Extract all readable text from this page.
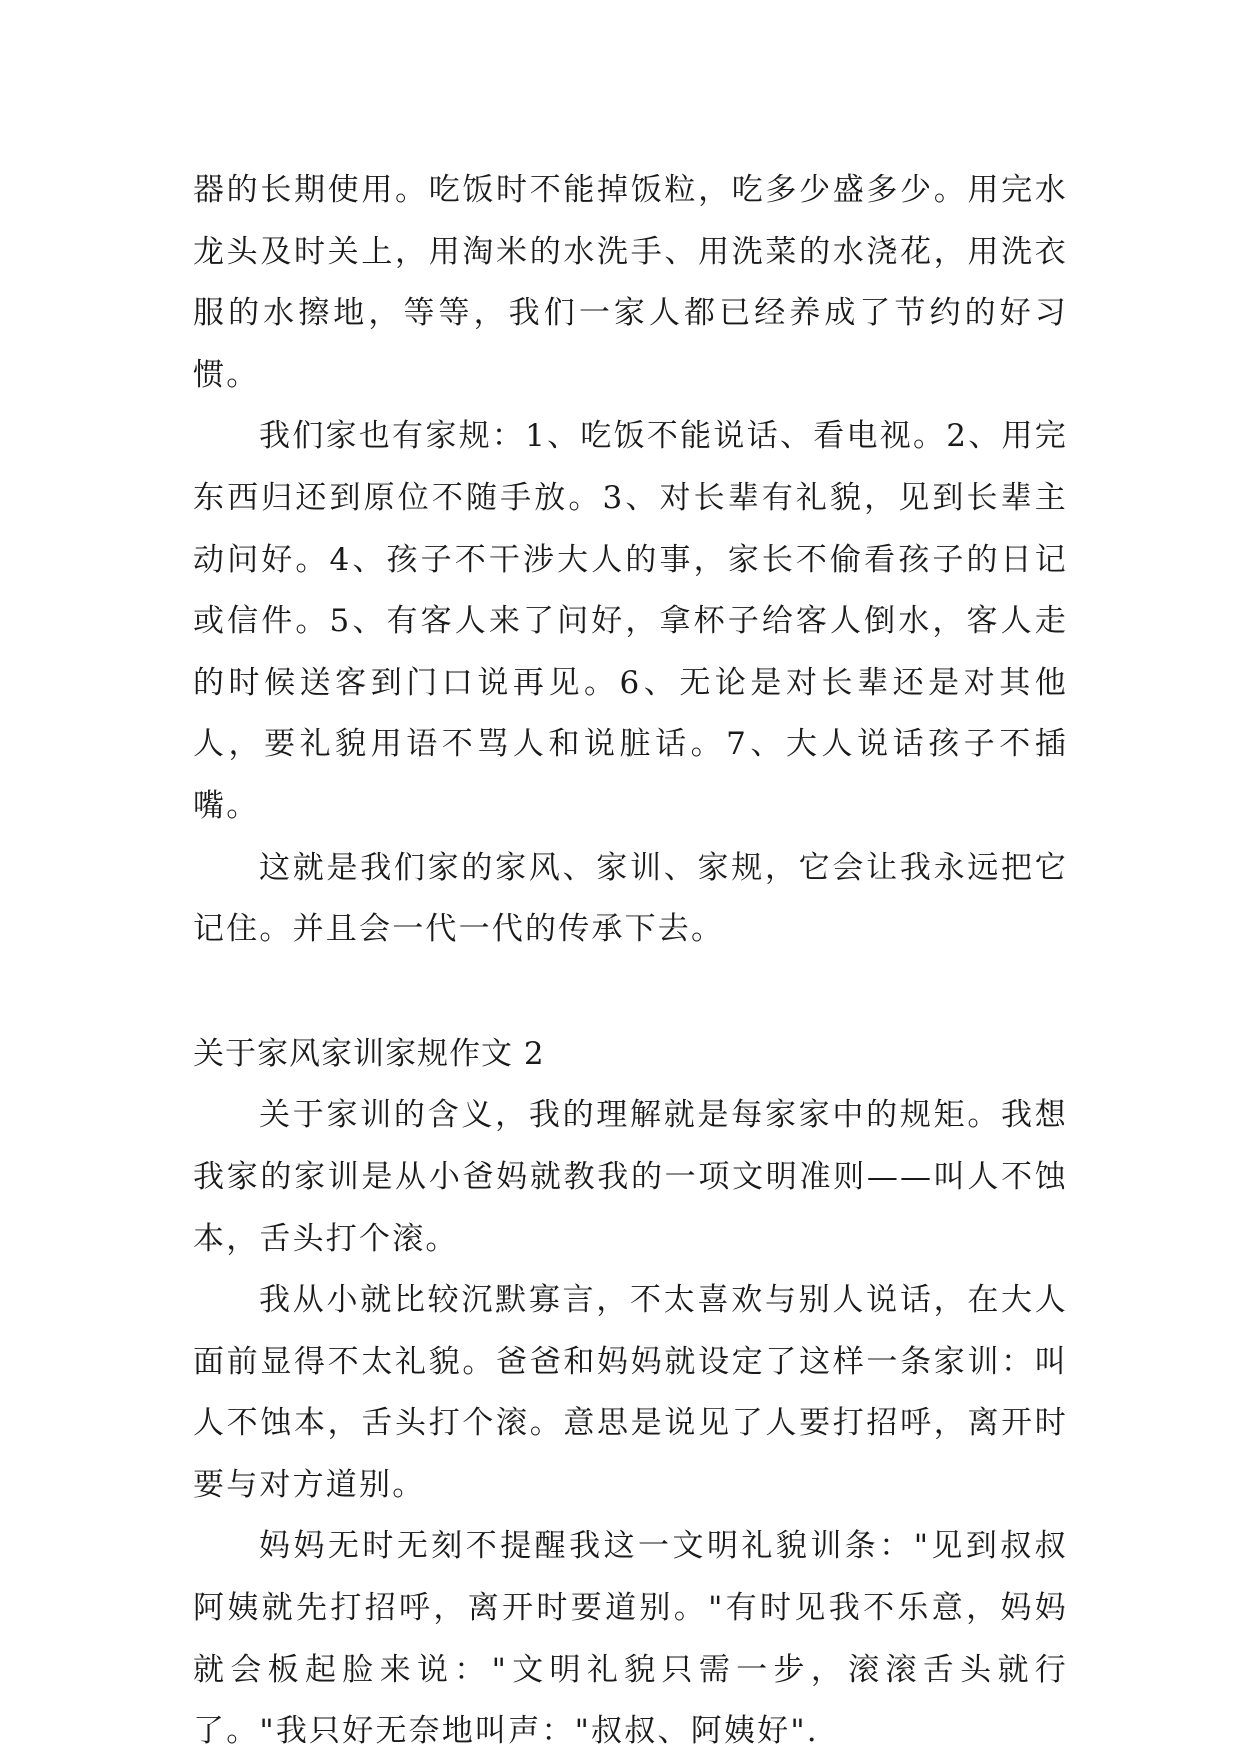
器的长期使用。吃饭时不能掉饭粒，吃多少盛多少。用完水龙头及时关上，用淘米的水洗手、用洗菜的水浇花，用洗衣服的水擦地，等等，我们一家人都已经养成了节约的好习惯。

我们家也有家规：1、吃饭不能说话、看电视。2、用完东西归还到原位不随手放。3、对长辈有礼貌，见到长辈主动问好。4、孩子不干涉大人的事，家长不偷看孩子的日记或信件。5、有客人来了问好，拿杯子给客人倒水，客人走的时候送客到门口说再见。6、无论是对长辈还是对其他人，要礼貌用语不骂人和说脏话。7、大人说话孩子不插嘴。

这就是我们家的家风、家训、家规，它会让我永远把它记住。并且会一代一代的传承下去。

关于家风家训家规作文 2

关于家训的含义，我的理解就是每家家中的规矩。我想我家的家训是从小爸妈就教我的一项文明准则——叫人不蚀本，舌头打个滚。

我从小就比较沉默寡言，不太喜欢与别人说话，在大人面前显得不太礼貌。爸爸和妈妈就设定了这样一条家训：叫人不蚀本，舌头打个滚。意思是说见了人要打招呼，离开时要与对方道别。

妈妈无时无刻不提醒我这一文明礼貌训条："见到叔叔阿姨就先打招呼，离开时要道别。"有时见我不乐意，妈妈就会板起脸来说："文明礼貌只需一步，滚滚舌头就行了。"我只好无奈地叫声："叔叔、阿姨好".
